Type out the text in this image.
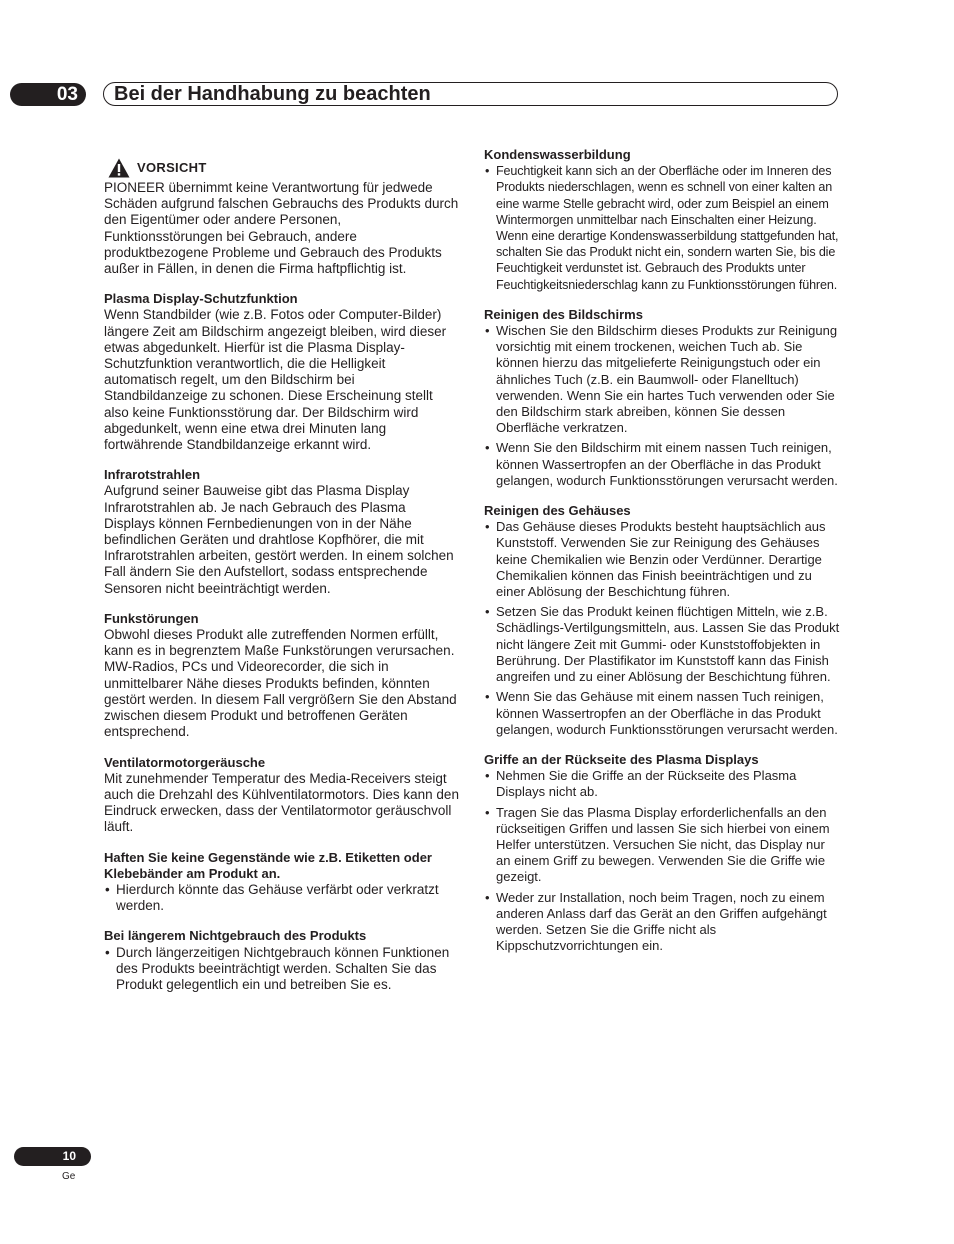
03	Bei der Handhabung zu beachten
VORSICHT

PIONEER übernimmt keine Verantwortung für jedwede Schäden aufgrund falschen Gebrauchs des Produkts durch den Eigentümer oder andere Personen, Funktionsstörungen bei Gebrauch, andere produktbezogene Probleme und Gebrauch des Produkts außer in Fällen, in denen die Firma haftpflichtig ist.

Plasma Display-Schutzfunktion

Wenn Standbilder (wie z.B. Fotos oder Computer-Bilder) längere Zeit am Bildschirm angezeigt bleiben, wird dieser etwas abgedunkelt. Hierfür ist die Plasma Display-Schutzfunktion verantwortlich, die die Helligkeit automatisch regelt, um den Bildschirm bei Standbildanzeige zu schonen. Diese Erscheinung stellt also keine Funktionsstörung dar. Der Bildschirm wird abgedunkelt, wenn eine etwa drei Minuten lang fortwährende Standbildanzeige erkannt wird.

Infrarotstrahlen

Aufgrund seiner Bauweise gibt das Plasma Display Infrarotstrahlen ab. Je nach Gebrauch des Plasma Displays können Fernbedienungen von in der Nähe befindlichen Geräten und drahtlose Kopfhörer, die mit Infrarotstrahlen arbeiten, gestört werden. In einem solchen Fall ändern Sie den Aufstellort, sodass entsprechende Sensoren nicht beeinträchtigt werden.

Funkstörungen

Obwohl dieses Produkt alle zutreffenden Normen erfüllt, kann es in begrenztem Maße Funkstörungen verursachen. MW-Radios, PCs und Videorecorder, die sich in unmittelbarer Nähe dieses Produkts befinden, könnten gestört werden. In diesem Fall vergrößern Sie den Abstand zwischen diesem Produkt und betroffenen Geräten entsprechend.

Ventilatormotorgeräusche

Mit zunehmender Temperatur des Media-Receivers steigt auch die Drehzahl des Kühlventilatormotors. Dies kann den Eindruck erwecken, dass der Ventilatormotor geräuschvoll läuft.

Haften Sie keine Gegenstände wie z.B. Etiketten oder Klebebänder am Produkt an.
• Hierdurch könnte das Gehäuse verfärbt oder verkratzt werden.
Bei längerem Nichtgebrauch des Produkts
• Durch längerzeitigen Nichtgebrauch können Funktionen des Produkts beeinträchtigt werden. Schalten Sie das Produkt gelegentlich ein und betreiben Sie es.
Kondenswasserbildung
• Feuchtigkeit kann sich an der Oberfläche oder im Inneren des Produkts niederschlagen, wenn es schnell von einer kalten an eine warme Stelle gebracht wird, oder zum Beispiel an einem Wintermorgen unmittelbar nach Einschalten einer Heizung. Wenn eine derartige Kondenswasserbildung stattgefunden hat, schalten Sie das Produkt nicht ein, sondern warten Sie, bis die Feuchtigkeit verdunstet ist. Gebrauch des Produkts unter Feuchtigkeitsniederschlag kann zu Funktionsstörungen führen.
Reinigen des Bildschirms
• Wischen Sie den Bildschirm dieses Produkts zur Reinigung vorsichtig mit einem trockenen, weichen Tuch ab. Sie können hierzu das mitgelieferte Reinigungstuch oder ein ähnliches Tuch (z.B. ein Baumwoll- oder Flanelltuch) verwenden. Wenn Sie ein hartes Tuch verwenden oder Sie den Bildschirm stark abreiben, können Sie dessen Oberfläche verkratzen.
• Wenn Sie den Bildschirm mit einem nassen Tuch reinigen, können Wassertropfen an der Oberfläche in das Produkt gelangen, wodurch Funktionsstörungen verursacht werden.
Reinigen des Gehäuses
• Das Gehäuse dieses Produkts besteht hauptsächlich aus Kunststoff. Verwenden Sie zur Reinigung des Gehäuses keine Chemikalien wie Benzin oder Verdünner. Derartige Chemikalien können das Finish beeinträchtigen und zu einer Ablösung der Beschichtung führen.
• Setzen Sie das Produkt keinen flüchtigen Mitteln, wie z.B. Schädlings-Vertilgungsmitteln, aus. Lassen Sie das Produkt nicht längere Zeit mit Gummi- oder Kunststoffobjekten in Berührung. Der Plastifikator im Kunststoff kann das Finish angreifen und zu einer Ablösung der Beschichtung führen.
• Wenn Sie das Gehäuse mit einem nassen Tuch reinigen, können Wassertropfen an der Oberfläche in das Produkt gelangen, wodurch Funktionsstörungen verursacht werden.
Griffe an der Rückseite des Plasma Displays
• Nehmen Sie die Griffe an der Rückseite des Plasma Displays nicht ab.
• Tragen Sie das Plasma Display erforderlichenfalls an den rückseitigen Griffen und lassen Sie sich hierbei von einem Helfer unterstützen. Versuchen Sie nicht, das Display nur an einem Griff zu bewegen. Verwenden Sie die Griffe wie gezeigt.
• Weder zur Installation, noch beim Tragen, noch zu einem anderen Anlass darf das Gerät an den Griffen aufgehängt werden. Setzen Sie die Griffe nicht als Kippschutzvorrichtungen ein.
10
Ge
